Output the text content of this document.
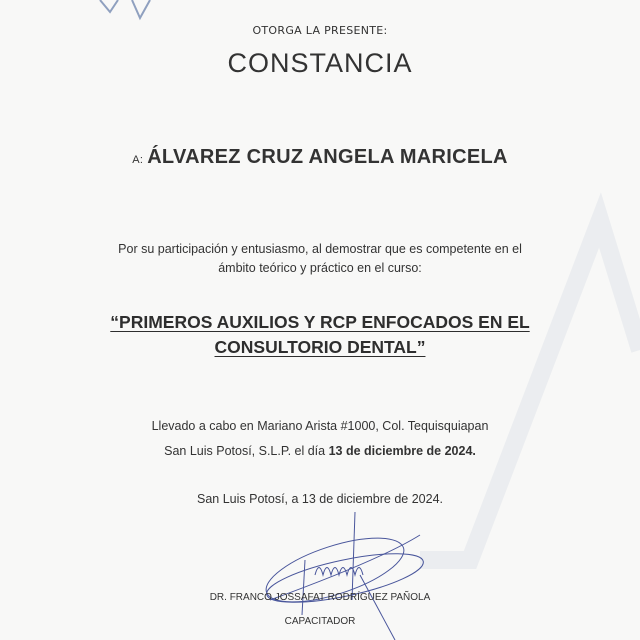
OTORGA LA PRESENTE:
CONSTANCIA
A: ÁLVAREZ CRUZ ANGELA MARICELA
Por su participación y entusiasmo, al demostrar que es competente en el
ámbito teórico y práctico en el curso:
“PRIMEROS AUXILIOS Y RCP ENFOCADOS EN EL
CONSULTORIO DENTAL”
Llevado a cabo en Mariano Arista #1000, Col. Tequisquiapan
San Luis Potosí, S.L.P. el día 13 de diciembre de 2024.
San Luis Potosí, a 13 de diciembre de 2024.
DR. FRANCO JOSSAFAT RODRÍGUEZ PAÑOLA
CAPACITADOR
